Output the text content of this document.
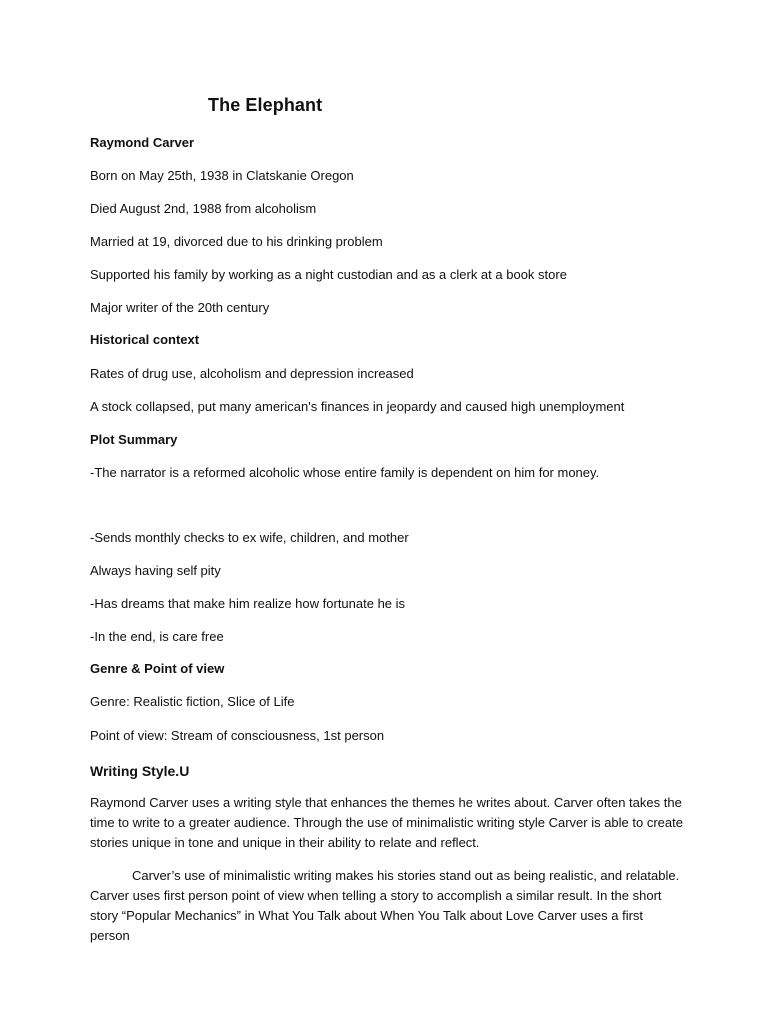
The Elephant
Raymond Carver
Born on May 25th, 1938 in Clatskanie Oregon
Died August 2nd, 1988 from alcoholism
Married at 19, divorced due to his drinking problem
Supported his family by working as a night custodian and as a clerk at a book store
Major writer of the 20th century
Historical context
Rates of drug use, alcoholism and depression increased
A stock collapsed, put many american's finances in jeopardy and caused high unemployment
Plot Summary
-The narrator is a reformed alcoholic whose entire family is dependent on him for money.
-Sends monthly checks to ex wife, children, and mother
Always having self pity
-Has dreams that make him realize how fortunate he is
-In the end, is care free
Genre & Point of view
Genre: Realistic fiction, Slice of Life
Point of view: Stream of consciousness, 1st person
Writing Style.U
Raymond Carver uses a writing style that enhances the themes he writes about. Carver often takes the time to write to a greater audience. Through the use of minimalistic writing style Carver is able to create stories unique in tone and unique in their ability to relate and reflect.
Carver’s use of minimalistic writing makes his stories stand out as being realistic, and relatable. Carver uses first person point of view when telling a story to accomplish a similar result. In the short story “Popular Mechanics” in What You Talk about When You Talk about Love Carver uses a first person
